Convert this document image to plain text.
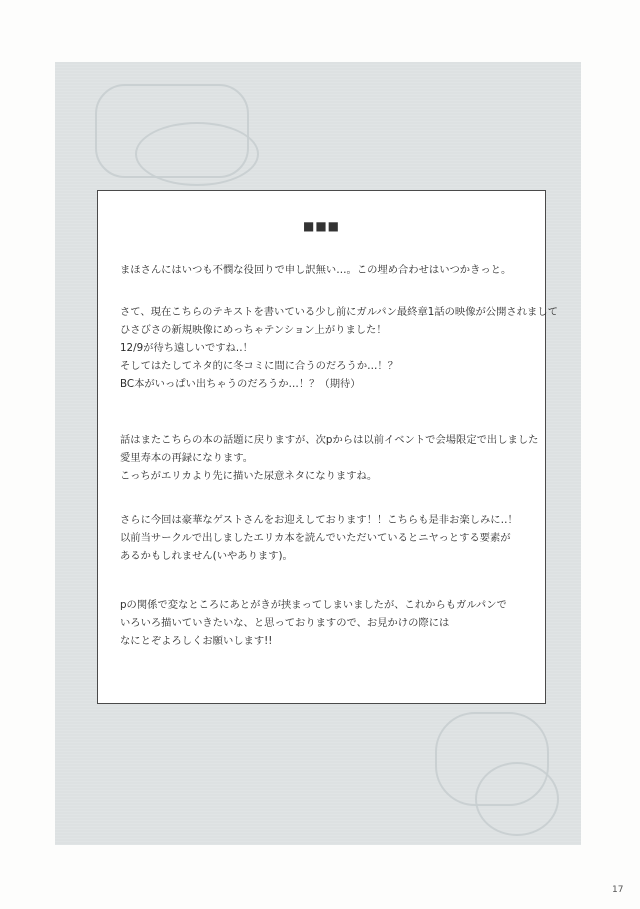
■■■
まほさんにはいつも不憫な役回りで申し訳無い…。この埋め合わせはいつかきっと。
さて、現在こちらのテキストを書いている少し前にガルパン最終章1話の映像が公開されまして
ひさびさの新規映像にめっちゃテンション上がりました！
12/9が待ち遠しいですね‥！
そしてはたしてネタ的に冬コミに間に合うのだろうか…！？
BC本がいっぱい出ちゃうのだろうか…！？（期待）
話はまたこちらの本の話題に戻りますが、次pからは以前イベントで会場限定で出しました
愛里寿本の再録になります。
こっちがエリカより先に描いた尿意ネタになりますね。
さらに今回は豪華なゲストさんをお迎えしております！！こちらも是非お楽しみに‥！
以前当サークルで出しましたエリカ本を読んでいただいているとニヤっとする要素が
あるかもしれません(いやあります)。
pの関係で変なところにあとがきが挟まってしまいましたが、これからもガルパンで
いろいろ描いていきたいな、と思っておりますので、お見かけの際には
なにとぞよろしくお願いします!!
17
